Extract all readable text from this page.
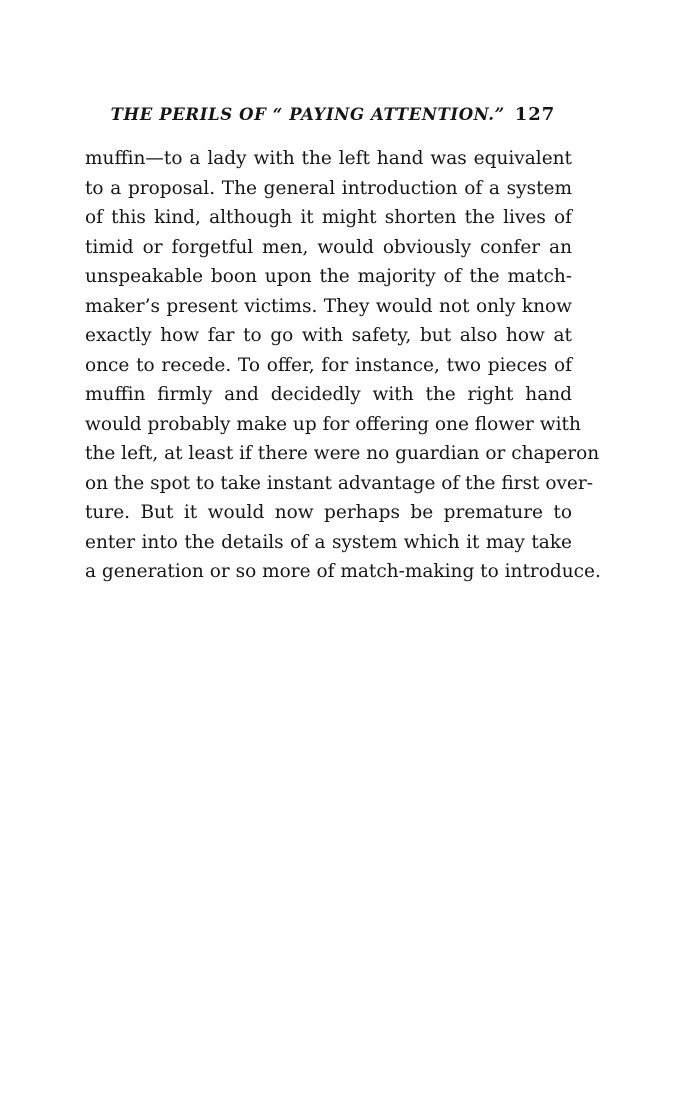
THE PERILS OF “ PAYING ATTENTION.” 127
muffin—to a lady with the left hand was equivalent
to a proposal. The general introduction of a system
of this kind, although it might shorten the lives of
timid or forgetful men, would obviously confer an
unspeakable boon upon the majority of the match-
maker’s present victims. They would not only know
exactly how far to go with safety, but also how at
once to recede. To offer, for instance, two pieces of
muffin firmly and decidedly with the right hand
would probably make up for offering one flower with
the left, at least if there were no guardian or chaperon
on the spot to take instant advantage of the first over-
ture. But it would now perhaps be premature to
enter into the details of a system which it may take
a generation or so more of match-making to introduce.
